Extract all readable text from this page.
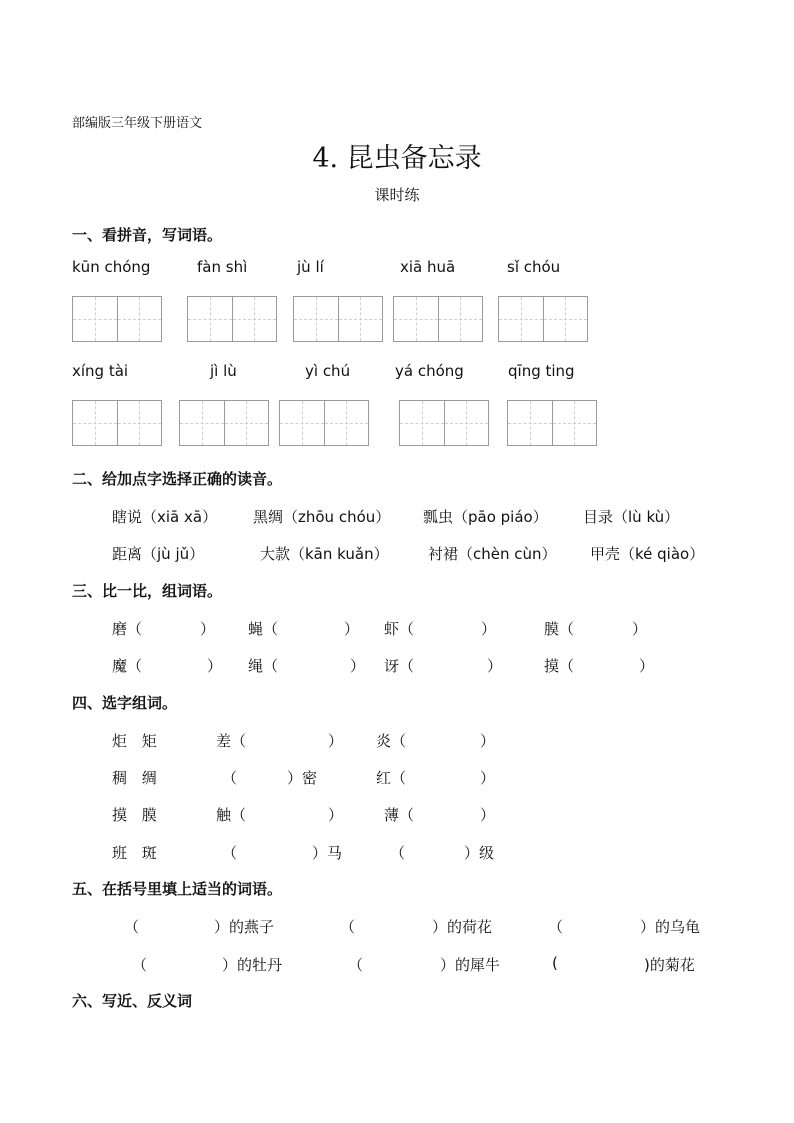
部编版三年级下册语文
4. 昆虫备忘录
课时练
一、看拼音，写词语。
kūn chóng	fàn shì	jù lí	xiā huā	sǐ chóu
xíng tài	jì lù	yì chú	yá chóng	qīng ting
二、给加点字选择正确的读音。
瞎说（xiā xā） 黑绸（zhōu chóu） 瓢虫（pāo piáo） 目录（lù kù）
距离（jù jǔ）	大款（kān kuǎn）	衬裙（chèn cùn） 甲壳（ké qiào）
三、比一比，组词语。
磨（	） 蝇（	） 虾（	）	膜（	）
魔（	） 绳（	） 讶（	）	摸（	）
四、选字组词。
炬 矩	差（	） 炎（	）
稠 绸	（	）密	红（	）
摸 膜	触（	）	薄（	）
班 斑	（	）马	（	）级
五、在括号里填上适当的词语。
（	）的燕子	（	）的荷花	（	）的乌龟
（	）的牡丹	（	）的犀牛	(	)的菊花
六、写近、反义词
